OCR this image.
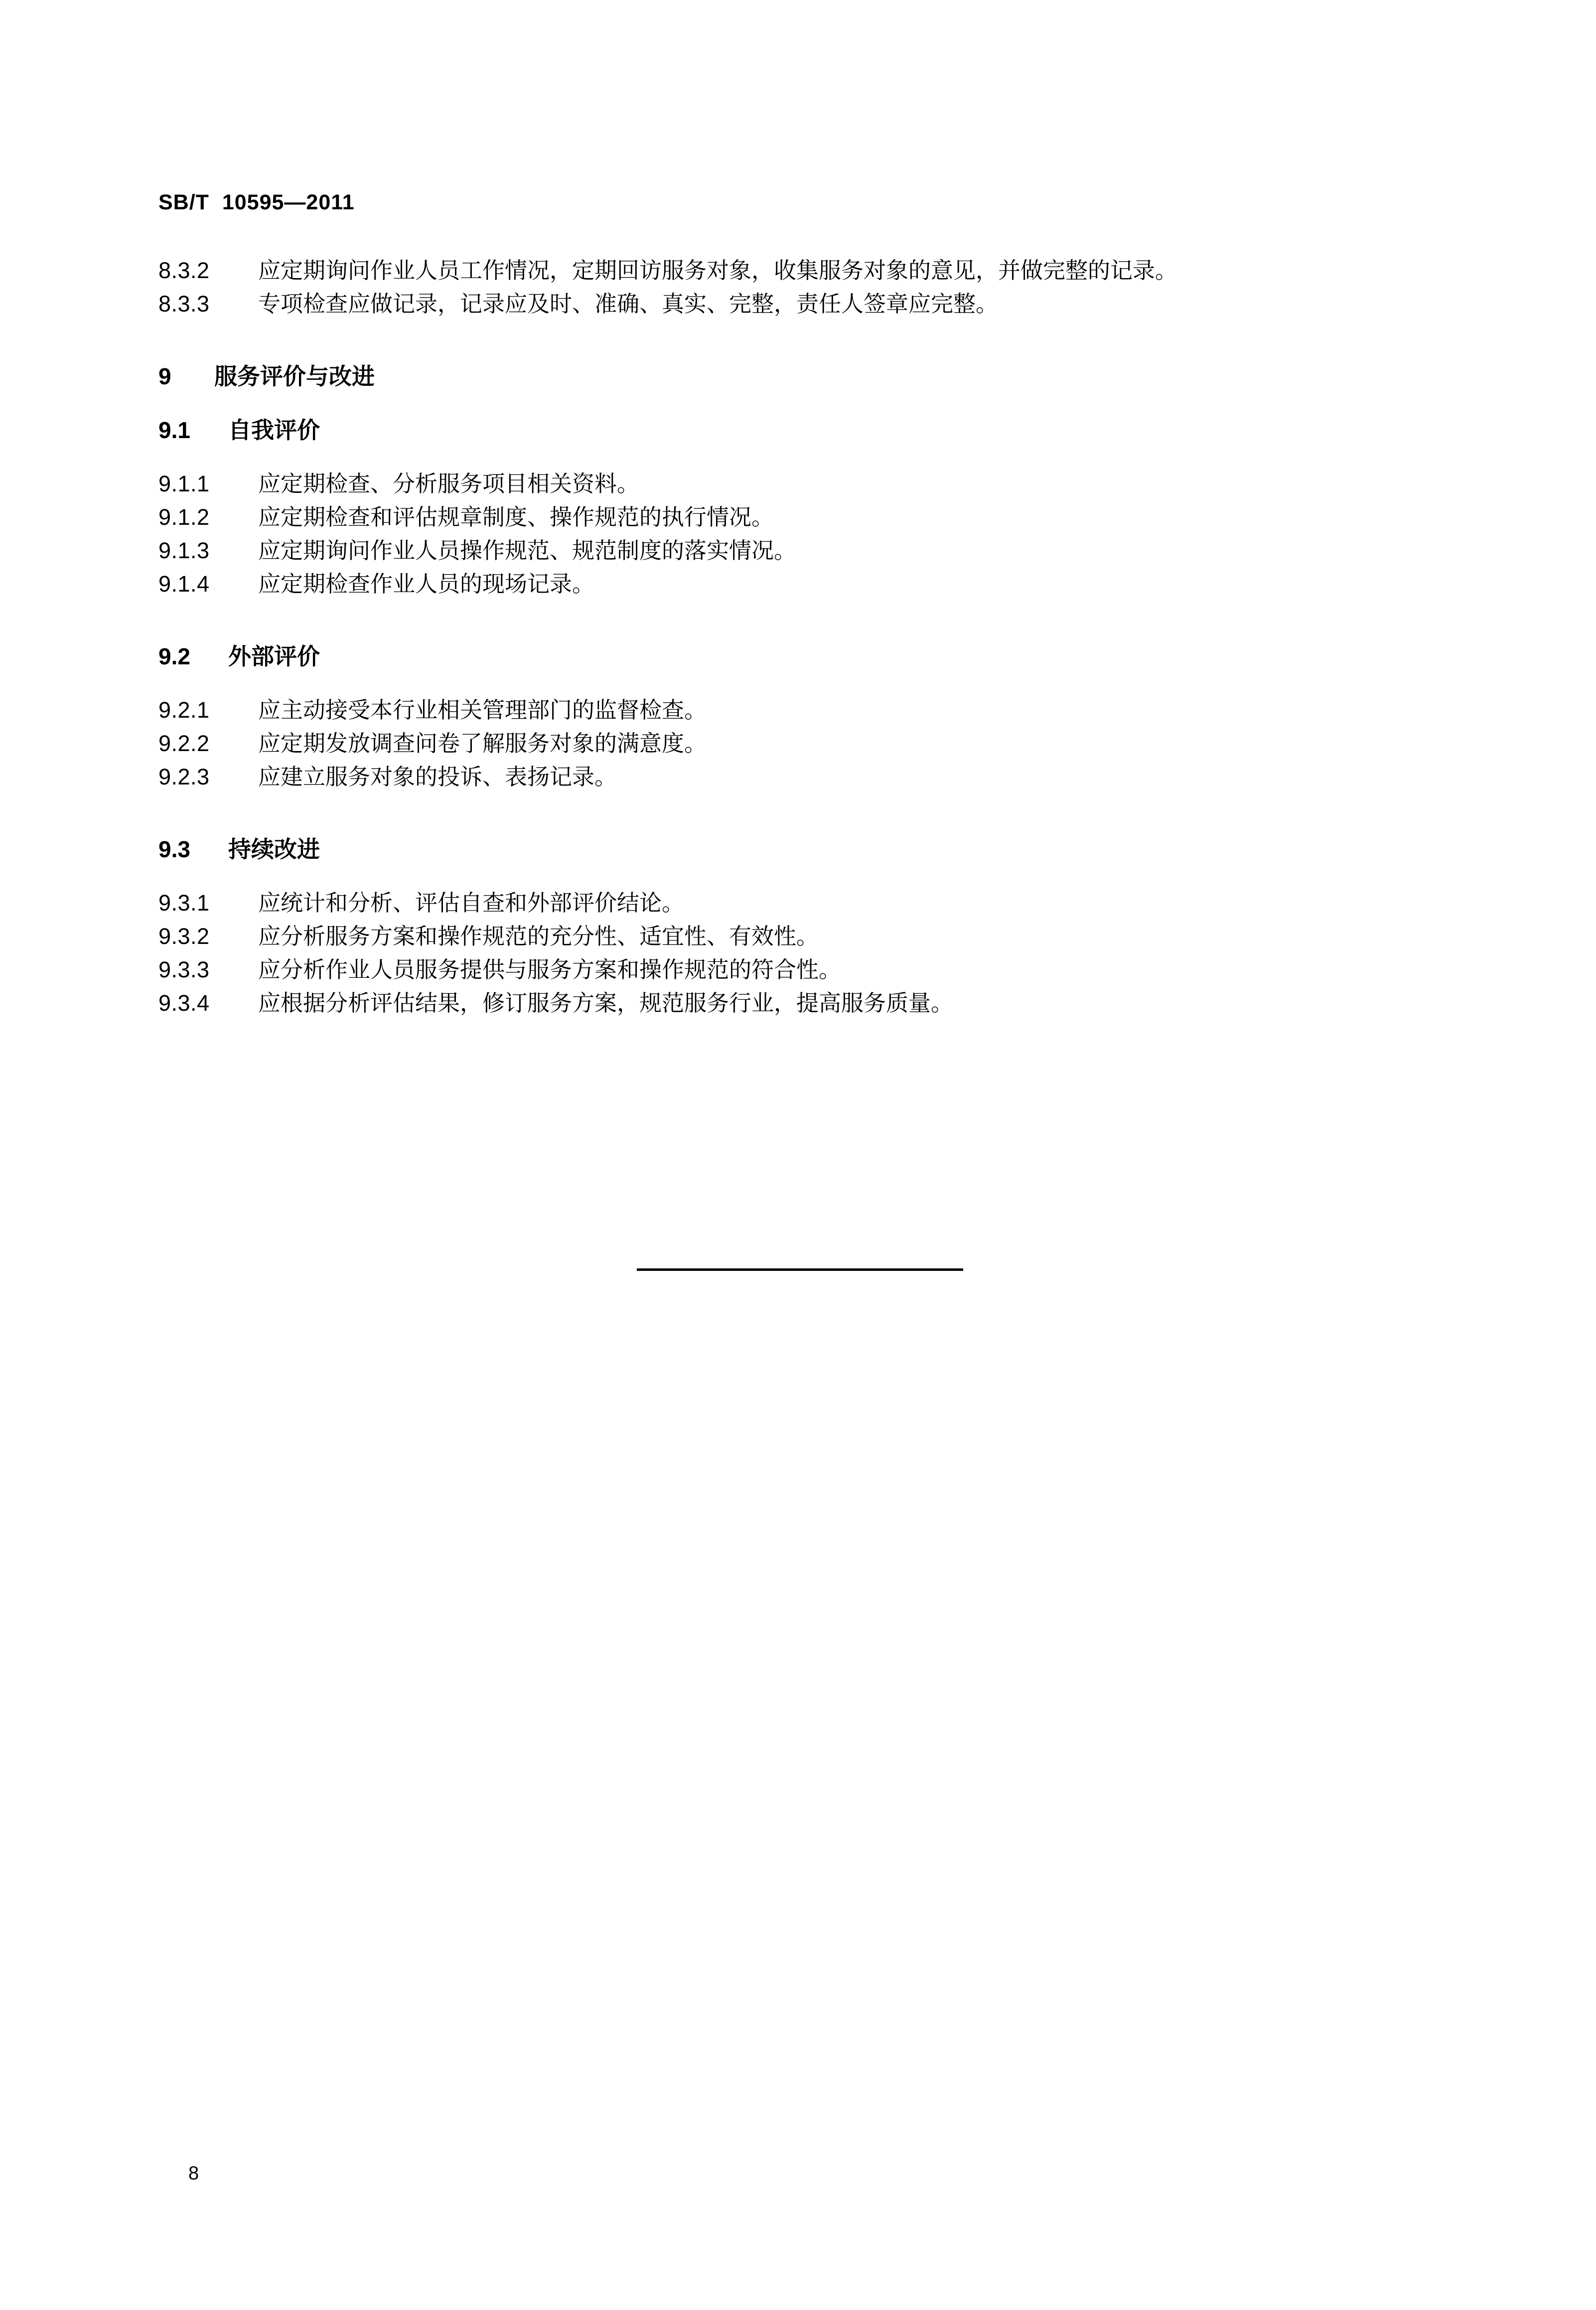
SB/T  10595—2011
8.3.2	应定期询问作业人员工作情况，定期回访服务对象，收集服务对象的意见，并做完整的记录。
8.3.3	专项检查应做记录，记录应及时、准确、真实、完整，责任人签章应完整。
9	服务评价与改进
9.1	自我评价
9.1.1	应定期检查、分析服务项目相关资料。
9.1.2	应定期检查和评估规章制度、操作规范的执行情况。
9.1.3	应定期询问作业人员操作规范、规范制度的落实情况。
9.1.4	应定期检查作业人员的现场记录。
9.2	外部评价
9.2.1	应主动接受本行业相关管理部门的监督检查。
9.2.2	应定期发放调查问卷了解服务对象的满意度。
9.2.3	应建立服务对象的投诉、表扬记录。
9.3	持续改进
9.3.1	应统计和分析、评估自查和外部评价结论。
9.3.2	应分析服务方案和操作规范的充分性、适宜性、有效性。
9.3.3	应分析作业人员服务提供与服务方案和操作规范的符合性。
9.3.4	应根据分析评估结果，修订服务方案，规范服务行业，提高服务质量。
8
